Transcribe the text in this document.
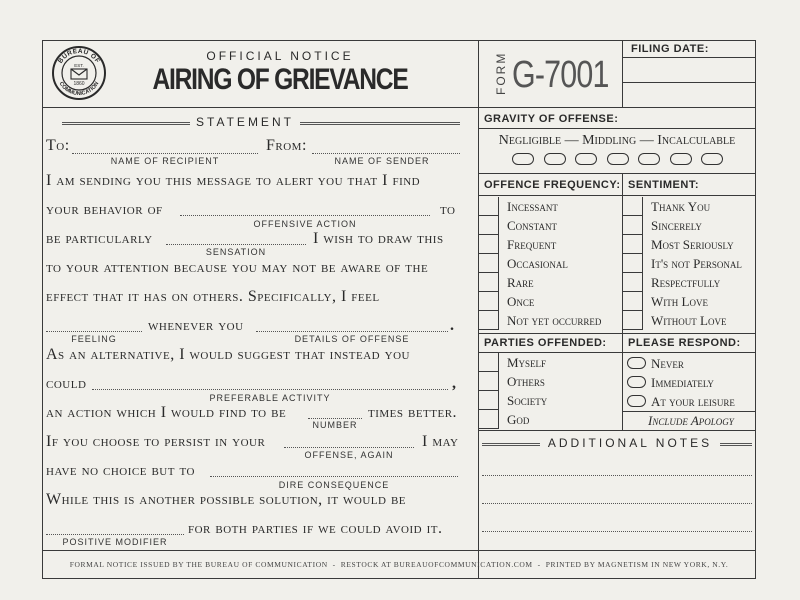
BUREAU OF
COMMUNICATION
EST.
1860
OFFICIAL NOTICE
AIRING OF GRIEVANCE	FORM G-7001
FILING DATE:
STATEMENT
To:
NAME OF RECIPIENT
From:
NAME OF SENDER
I am sending you this message to alert you that I find
your behavior of	to
OFFENSIVE ACTION
be particularly	I wish to draw this
SENSATION
to your attention because you may not be aware of the
effect that it has on others. Specifically, I feel
whenever you	.
FEELING	DETAILS OF OFFENSE
As an alternative, I would suggest that instead you
could	,
PREFERABLE ACTIVITY
an action which I would find to be	times better.
NUMBER
If you choose to persist in your	I may
OFFENSE, AGAIN
have no choice but to
DIRE CONSEQUENCE
While this is another possible solution, it would be
for both parties if we could avoid it.
POSITIVE MODIFIER
GRAVITY OF OFFENSE:
Negligible — Middling — Incalculable
OFFENCE FREQUENCY: SENTIMENT:
Incessant
Constant
Frequent
Occasional
Rare
Once
Not yet occurred
Thank You
Sincerely
Most Seriously
It's not Personal
Respectfully
With Love
Without Love
PARTIES OFFENDED: PLEASE RESPOND:
Myself
Others
Society
God
Never
Immediately
At your leisure
Include Apology
ADDITIONAL NOTES
FORMAL NOTICE ISSUED BY THE BUREAU OF COMMUNICATION  -  RESTOCK AT BUREAUOFCOMMUNICATION.COM  -  PRINTED BY MAGNETISM IN NEW YORK, N.Y.
